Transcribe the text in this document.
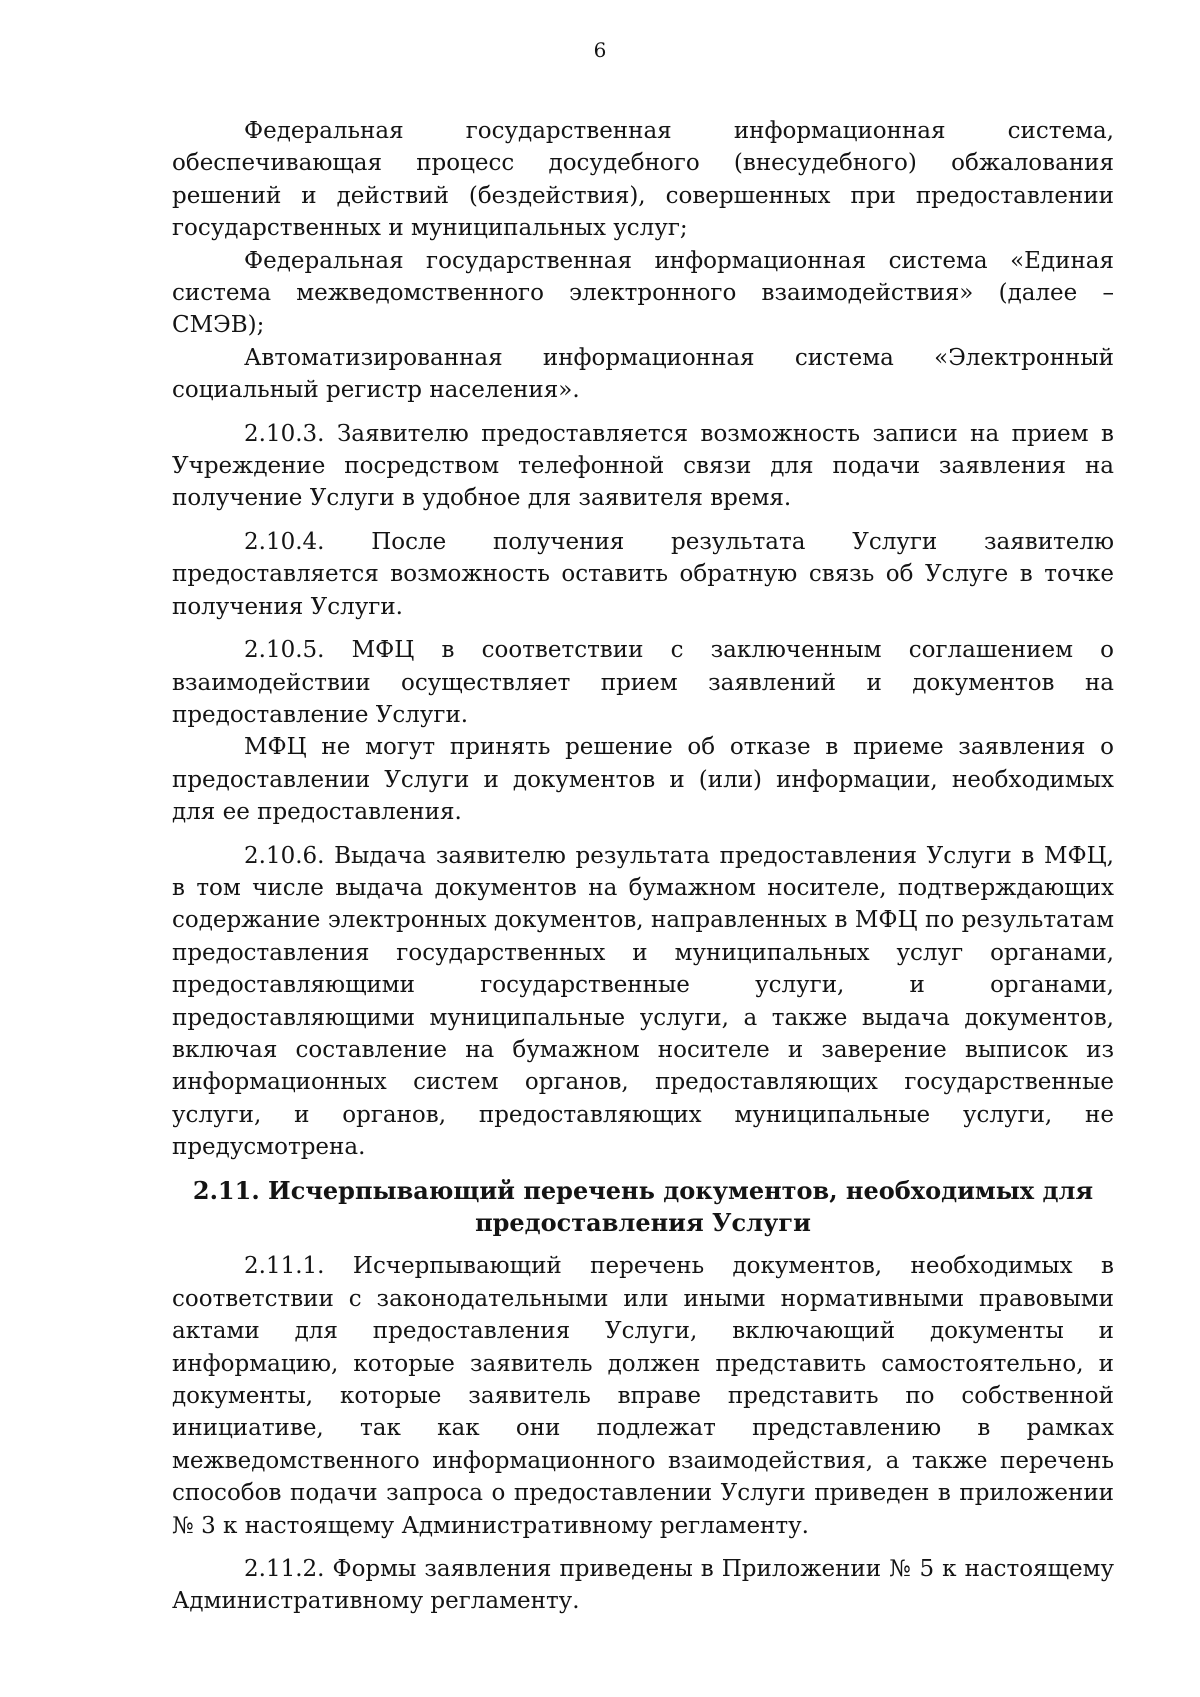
6

Федеральная государственная информационная система, обеспечивающая процесс досудебного (внесудебного) обжалования решений и действий (бездействия), совершенных при предоставлении государственных и муниципальных услуг;

Федеральная государственная информационная система «Единая система межведомственного электронного взаимодействия» (далее – СМЭВ);

Автоматизированная информационная система «Электронный социальный регистр населения».

2.10.3. Заявителю предоставляется возможность записи на прием в Учреждение посредством телефонной связи для подачи заявления на получение Услуги в удобное для заявителя время.

2.10.4. После получения результата Услуги заявителю предоставляется возможность оставить обратную связь об Услуге в точке получения Услуги.

2.10.5. МФЦ в соответствии с заключенным соглашением о взаимодействии осуществляет прием заявлений и документов на предоставление Услуги.

МФЦ не могут принять решение об отказе в приеме заявления о предоставлении Услуги и документов и (или) информации, необходимых для ее предоставления.

2.10.6. Выдача заявителю результата предоставления Услуги в МФЦ, в том числе выдача документов на бумажном носителе, подтверждающих содержание электронных документов, направленных в МФЦ по результатам предоставления государственных и муниципальных услуг органами, предоставляющими государственные услуги, и органами, предоставляющими муниципальные услуги, а также выдача документов, включая составление на бумажном носителе и заверение выписок из информационных систем органов, предоставляющих государственные услуги, и органов, предоставляющих муниципальные услуги, не предусмотрена.

2.11. Исчерпывающий перечень документов, необходимых для
предоставления Услуги

2.11.1. Исчерпывающий перечень документов, необходимых в соответствии с законодательными или иными нормативными правовыми актами для предоставления Услуги, включающий документы и информацию, которые заявитель должен представить самостоятельно, и документы, которые заявитель вправе представить по собственной инициативе, так как они подлежат представлению в рамках межведомственного информационного взаимодействия, а также перечень способов подачи запроса о предоставлении Услуги приведен в приложении № 3 к настоящему Административному регламенту.

2.11.2. Формы заявления приведены в Приложении № 5 к настоящему Административному регламенту.
